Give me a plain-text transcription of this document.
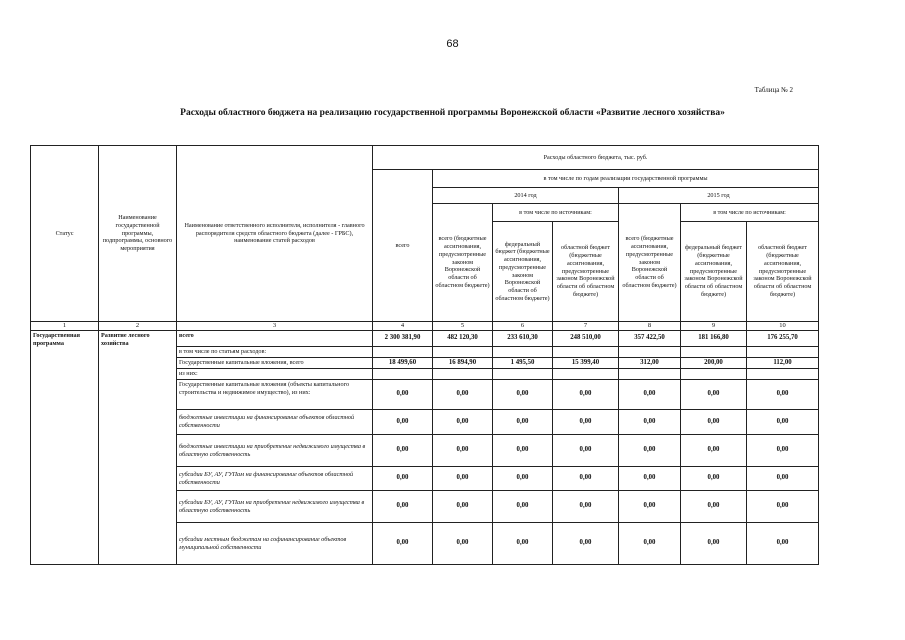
68
Таблица № 2
Расходы областного бюджета на реализацию государственной программы Воронежской области «Развитие лесного хозяйства»
Статус	Наименование государственной программы, подпрограммы, основного мероприятия	Наименование ответственного исполнителя, исполнителя - главного распорядителя средств областного бюджета (далее - ГРБС), наименование статей расходов	Расходы областного бюджета, тыс. руб.						
			всего	в том числе по годам реализации государственной программы					
				2014 год			2015 год		
				всего (бюджетные ассигнования, предусмотренные законом Воронежской области об областном бюджете)	в том числе по источникам:		всего (бюджетные ассигнования, предусмотренные законом Воронежской области об областном бюджете)	в том числе по источникам:	
					федеральный бюджет (бюджетные ассигнования, предусмотренные законом Воронежской области об областном бюджете)	областной бюджет (бюджетные ассигнования, предусмотренные законом Воронежской области об областном бюджете)		федеральный бюджет (бюджетные ассигнования, предусмотренные законом Воронежской области об областном бюджете)	областной бюджет (бюджетные ассигнования, предусмотренные законом Воронежской области об областном бюджете)
1	2	3	4	5	6	7	8	9	10
Государственная программа	Развитие лесного хозяйства	всего	2 300 381,90	482 120,30	233 610,30	248 510,00	357 422,50	181 166,80	176 255,70
		в том числе по статьям расходов:							
		Государственные капитальные вложения, всего	18 499,60	16 894,90	1 495,50	15 399,40	312,00	200,00	112,00
		из них:							
		Государственные капитальные вложения (объекты капитального строительства и недвижимое имущество), из них:	0,00	0,00	0,00	0,00	0,00	0,00	0,00
		бюджетные инвестиции на финансирование объектов областной собственности	0,00	0,00	0,00	0,00	0,00	0,00	0,00
		бюджетные инвестиции на приобретение недвижимого имущества в областную собственность	0,00	0,00	0,00	0,00	0,00	0,00	0,00
		субсидии БУ, АУ, ГУПам на финансирование объектов областной собственности	0,00	0,00	0,00	0,00	0,00	0,00	0,00
		субсидии БУ, АУ, ГУПам на приобретение недвижимого имущества в областную собственность	0,00	0,00	0,00	0,00	0,00	0,00	0,00
		субсидии местным бюджетам на софинансирование объектов муниципальной собственности	0,00	0,00	0,00	0,00	0,00	0,00	0,00
